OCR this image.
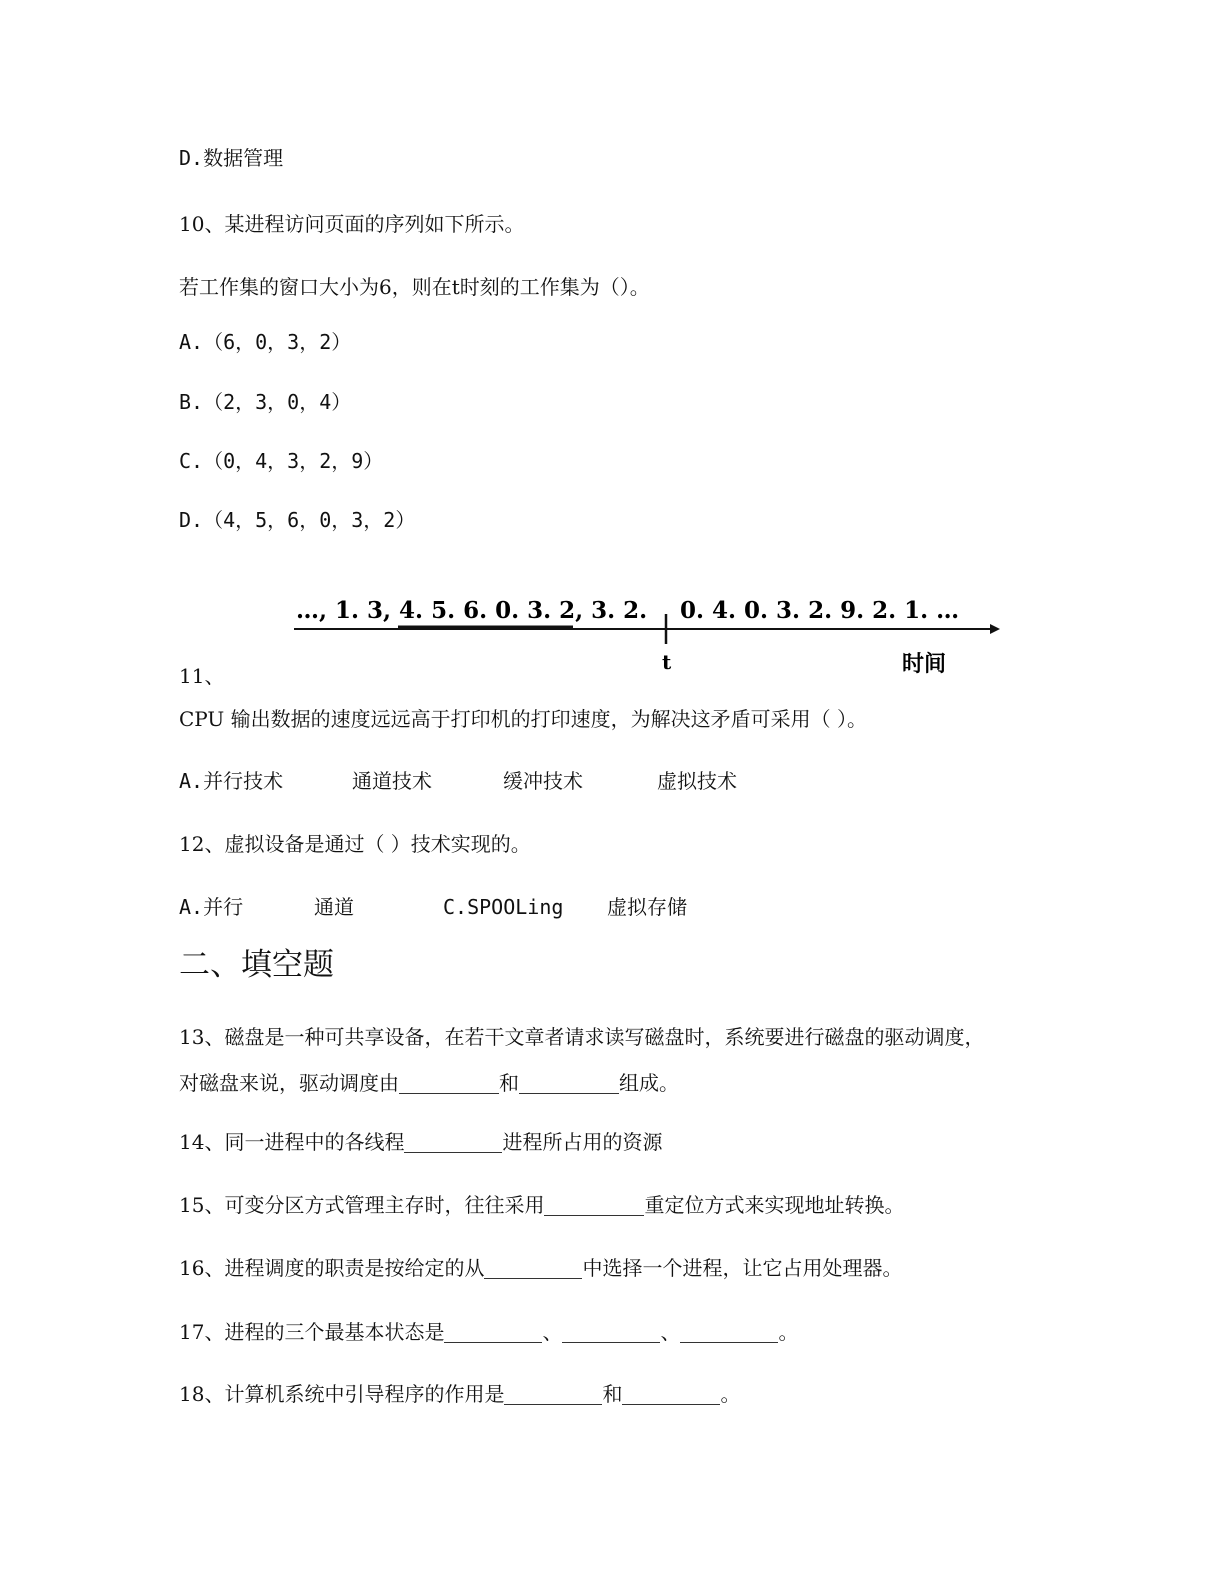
D.数据管理
10、某进程访问页面的序列如下所示。
若工作集的窗口大小为6，则在t时刻的工作集为（）。
A.（6，0，3，2）
B.（2，3，0，4）
C.（0，4，3，2，9）
D.（4，5，6，0，3，2）
…, 1. 3, 4. 5. 6. 0. 3. 2, 3. 2. 0. 4. 0. 3. 2. 9. 2. 1. …
t	时间
11、
CPU 输出数据的速度远远高于打印机的打印速度，为解决这矛盾可采用（ ）。
A.并行技术	通道技术	缓冲技术	虚拟技术
12、虚拟设备是通过（ ）技术实现的。
A.并行	通道	C.SPOOLing 虚拟存储
二、填空题
13、磁盘是一种可共享设备，在若干文章者请求读写磁盘时，系统要进行磁盘的驱动调度，
对磁盘来说，驱动调度由	和	组成。
14、同一进程中的各线程	进程所占用的资源
15、可变分区方式管理主存时，往往采用	重定位方式来实现地址转换。
16、进程调度的职责是按给定的从	中选择一个进程，让它占用处理器。
17、进程的三个最基本状态是	、	、	。
18、计算机系统中引导程序的作用是	和	。
